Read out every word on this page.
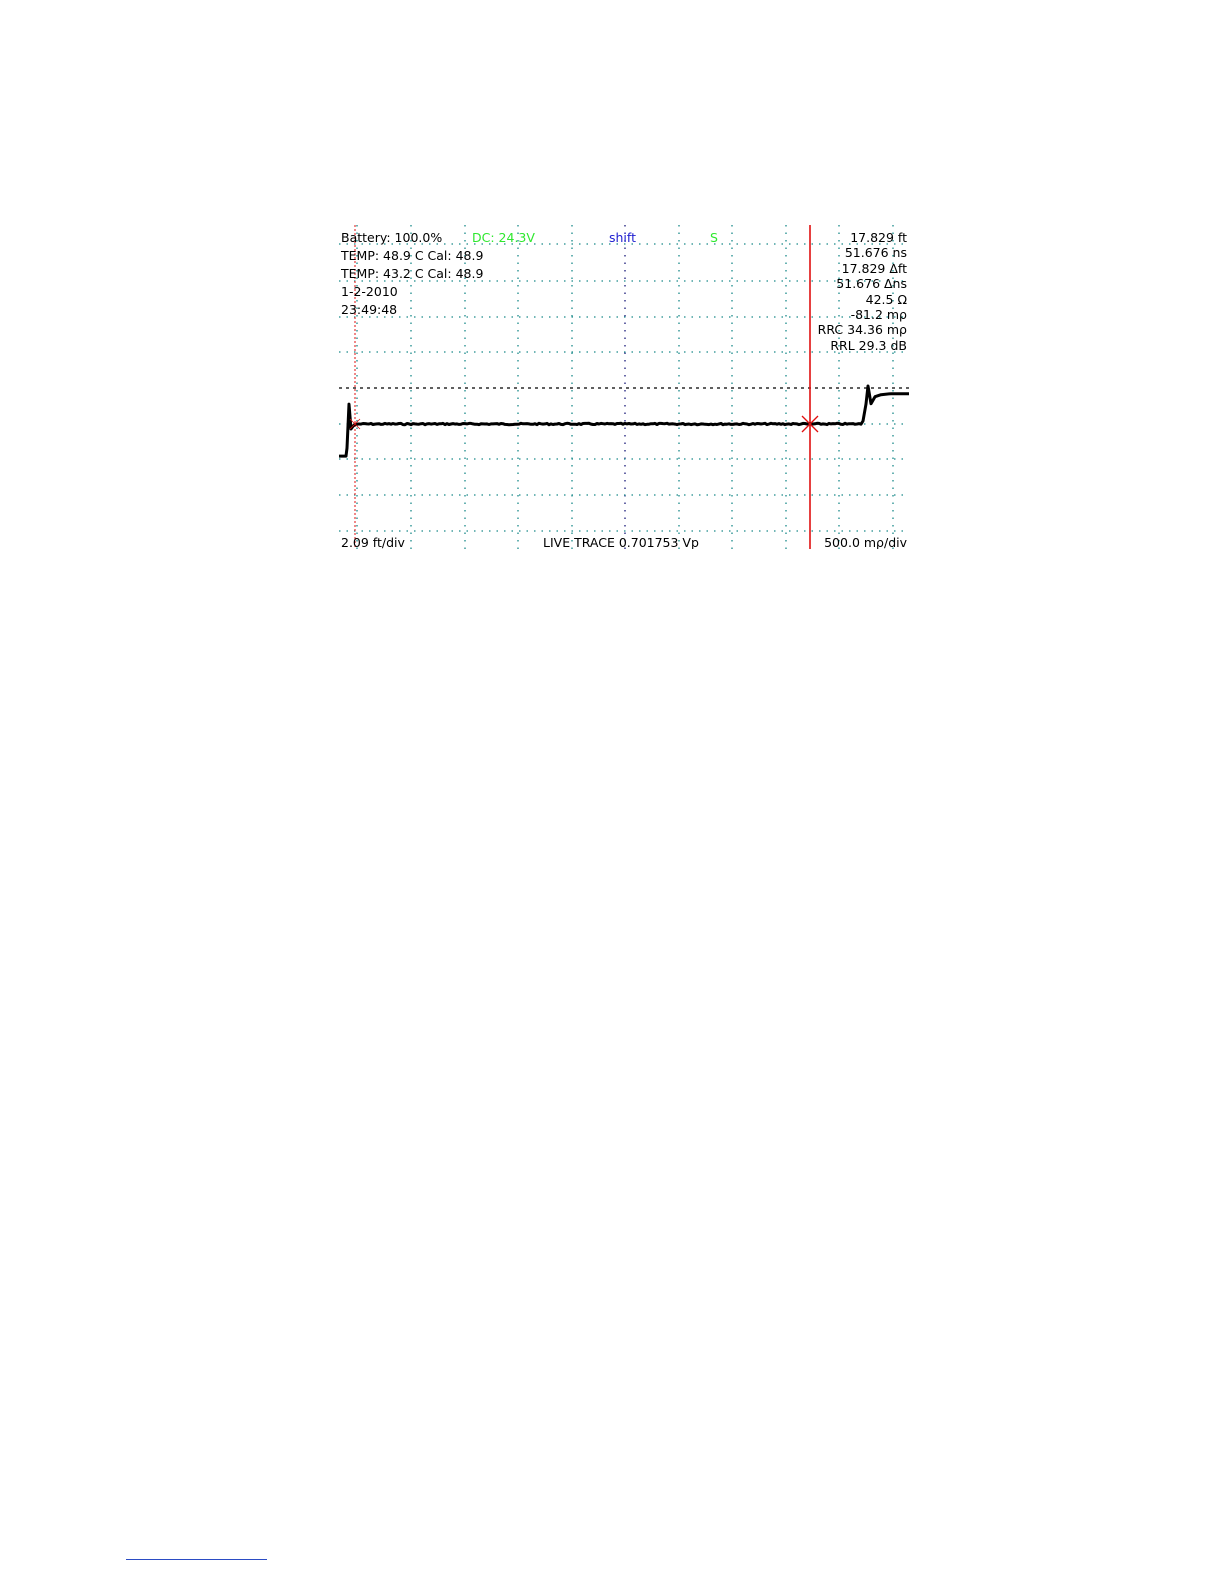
Battery: 100.0% DC: 24.3V	shift	S
TEMP: 48.9 C Cal: 48.9
TEMP: 43.2 C Cal: 48.9
1-2-2010
23:49:48
17.829 ft
51.676 ns
17.829 Δft
51.676 Δns
42.5 Ω
-81.2 mρ
RRC 34.36 mρ
RRL 29.3 dB
2.09 ft/div	LIVE TRACE 0.701753 Vp	500.0 mρ/div
